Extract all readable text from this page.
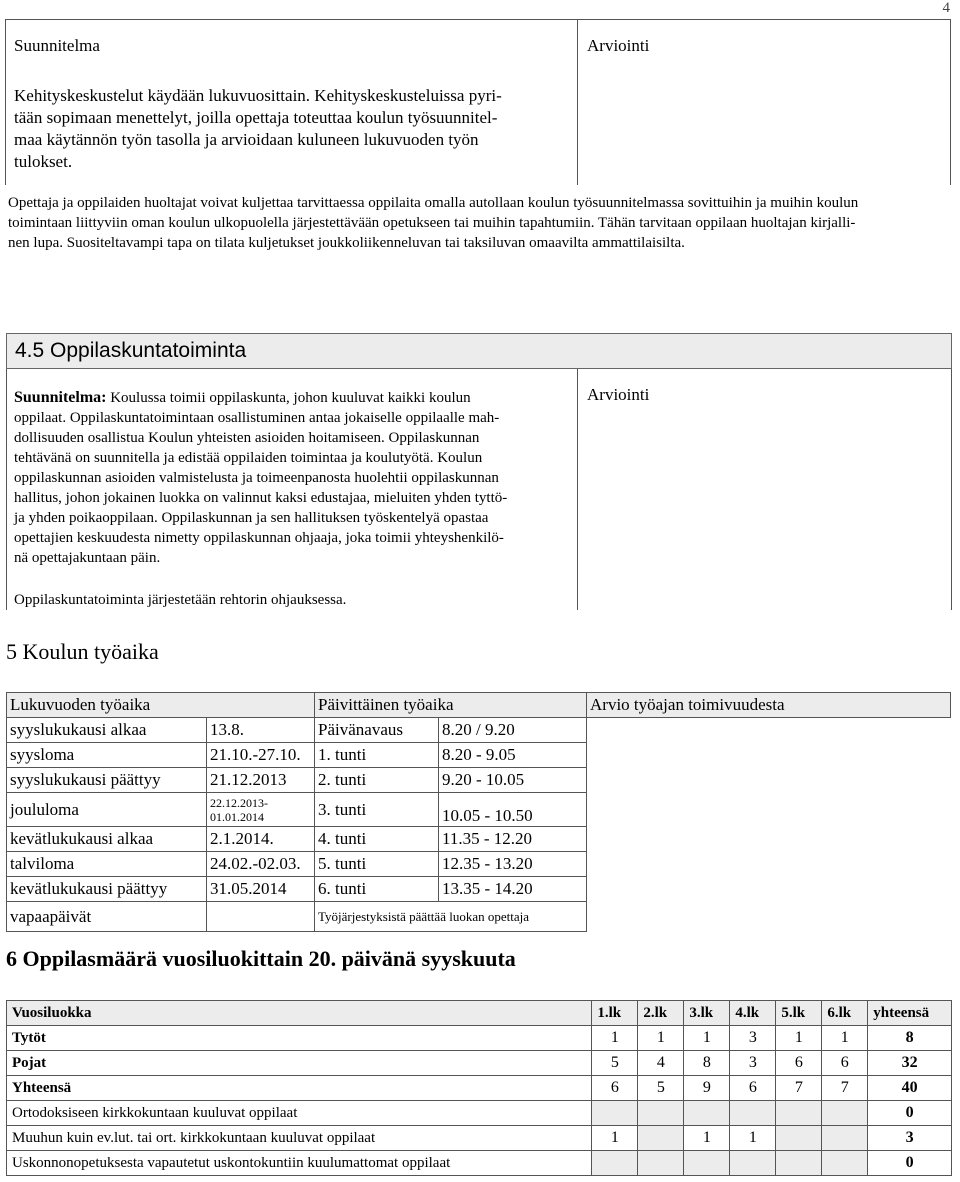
4
Suunnitelma	Arviointi
Kehityskeskustelut käydään lukuvuosittain. Kehityskeskusteluissa pyri-
tään sopimaan menettelyt, joilla opettaja toteuttaa koulun työsuunnitel-
maa käytännön työn tasolla ja arvioidaan kuluneen lukuvuoden työn
tulokset.
Opettaja ja oppilaiden huoltajat voivat kuljettaa tarvittaessa oppilaita omalla autollaan koulun työsuunnitelmassa sovittuihin ja muihin koulun
toimintaan liittyviin oman koulun ulkopuolella järjestettävään opetukseen tai muihin tapahtumiin. Tähän tarvitaan oppilaan huoltajan kirjalli-
nen lupa. Suositeltavampi tapa on tilata kuljetukset joukkoliikenneluvan tai taksiluvan omaavilta ammattilaisilta.
4.5 Oppilaskuntatoiminta
Arviointi
Suunnitelma: Koulussa toimii oppilaskunta, johon kuuluvat kaikki koulun
oppilaat. Oppilaskuntatoimintaan osallistuminen antaa jokaiselle oppilaalle mah-
dollisuuden osallistua Koulun yhteisten asioiden hoitamiseen. Oppilaskunnan
tehtävänä on suunnitella ja edistää oppilaiden toimintaa ja koulutyötä. Koulun
oppilaskunnan asioiden valmistelusta ja toimeenpanosta huolehtii oppilaskunnan
hallitus, johon jokainen luokka on valinnut kaksi edustajaa, mieluiten yhden tyttö-
ja yhden poikaoppilaan. Oppilaskunnan ja sen hallituksen työskentelyä opastaa
opettajien keskuudesta nimetty oppilaskunnan ohjaaja, joka toimii yhteyshenkilö-
nä opettajakuntaan päin.
Oppilaskuntatoiminta järjestetään rehtorin ohjauksessa.
5 Koulun työaika
Lukuvuoden työaika		Päivittäinen työaika		Arvio työajan toimivuudesta
syyslukukausi alkaa	13.8.	Päivänavaus	8.20 / 9.20	
syysloma	21.10.-27.10.	1. tunti	8.20 - 9.05	
syyslukukausi päättyy	21.12.2013	2. tunti	9.20 - 10.05	
joululoma	22.12.2013-
01.01.2014	3. tunti	10.05 - 10.50	
kevätlukukausi alkaa	2.1.2014.	4. tunti	11.35 - 12.20	
talviloma	24.02.-02.03.	5. tunti	12.35 - 13.20	
kevätlukukausi päättyy	31.05.2014	6. tunti	13.35 - 14.20	
vapaapäivät		Työjärjestyksistä päättää luokan opettaja		
6 Oppilasmäärä vuosiluokittain 20. päivänä syyskuuta
Vuosiluokka	1.lk	2.lk	3.lk	4.lk	5.lk	6.lk	yhteensä
Tytöt	1	1	1	3	1	1	8
Pojat	5	4	8	3	6	6	32
Yhteensä	6	5	9	6	7	7	40
Ortodoksiseen kirkkokuntaan kuuluvat oppilaat							0
Muuhun kuin ev.lut. tai ort. kirkkokuntaan kuuluvat oppilaat	1		1	1			3
Uskonnonopetuksesta vapautetut uskontokuntiin kuulumattomat oppilaat							0
